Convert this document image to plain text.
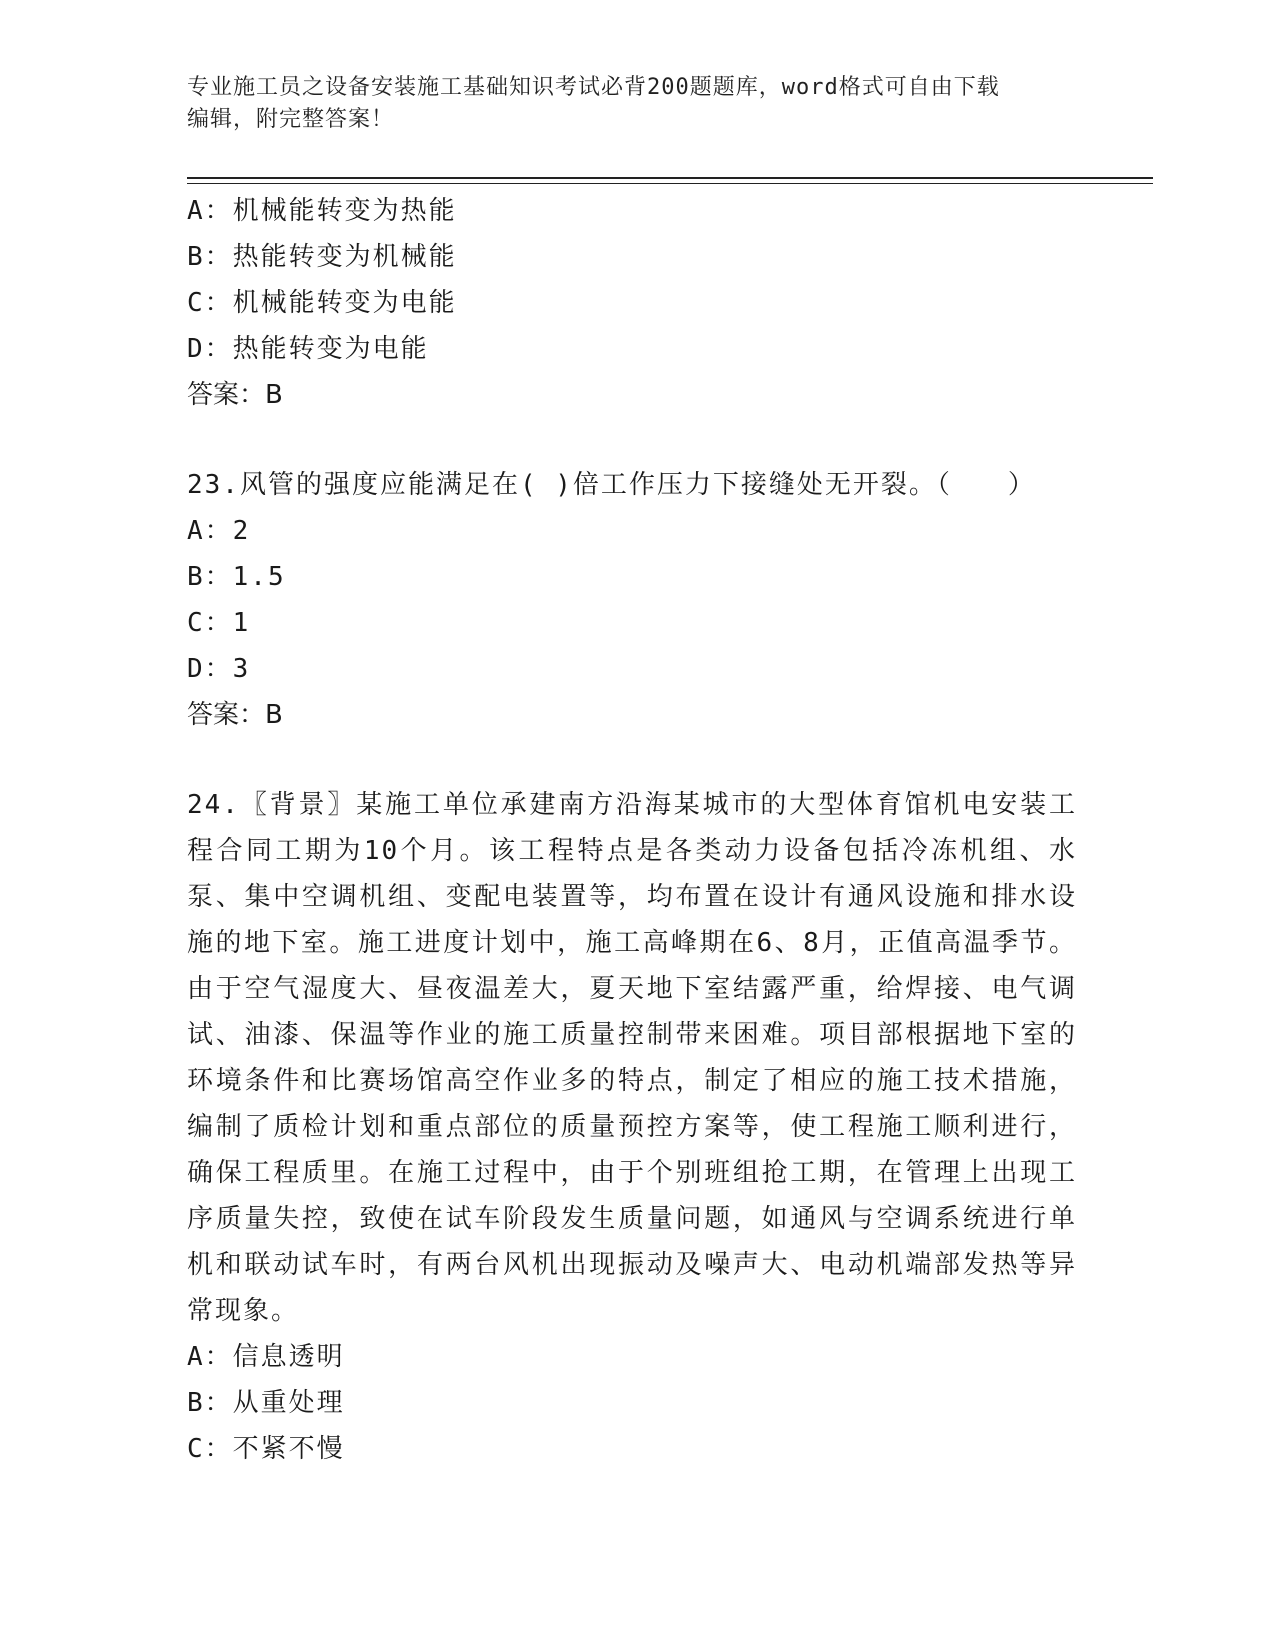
专业施工员之设备安装施工基础知识考试必背200题题库，word格式可自由下载
编辑，附完整答案！
A：机械能转变为热能
B：热能转变为机械能
C：机械能转变为电能
D：热能转变为电能
答案：B
23.风管的强度应能满足在( )倍工作压力下接缝处无开裂。（　　）
A：2
B：1.5
C：1
D：3
答案：B
24.〖背景〗某施工单位承建南方沿海某城市的大型体育馆机电安装工程合同工期为10个月。该工程特点是各类动力设备包括冷冻机组、水泵、集中空调机组、变配电装置等，均布置在设计有通风设施和排水设施的地下室。施工进度计划中，施工高峰期在6、8月，正值高温季节。由于空气湿度大、昼夜温差大，夏天地下室结露严重，给焊接、电气调试、油漆、保温等作业的施工质量控制带来困难。项目部根据地下室的环境条件和比赛场馆高空作业多的特点，制定了相应的施工技术措施，编制了质检计划和重点部位的质量预控方案等，使工程施工顺利进行，确保工程质里。在施工过程中，由于个别班组抢工期，在管理上出现工序质量失控，致使在试车阶段发生质量问题，如通风与空调系统进行单机和联动试车时，有两台风机出现振动及噪声大、电动机端部发热等异常现象。
A：信息透明
B：从重处理
C：不紧不慢
